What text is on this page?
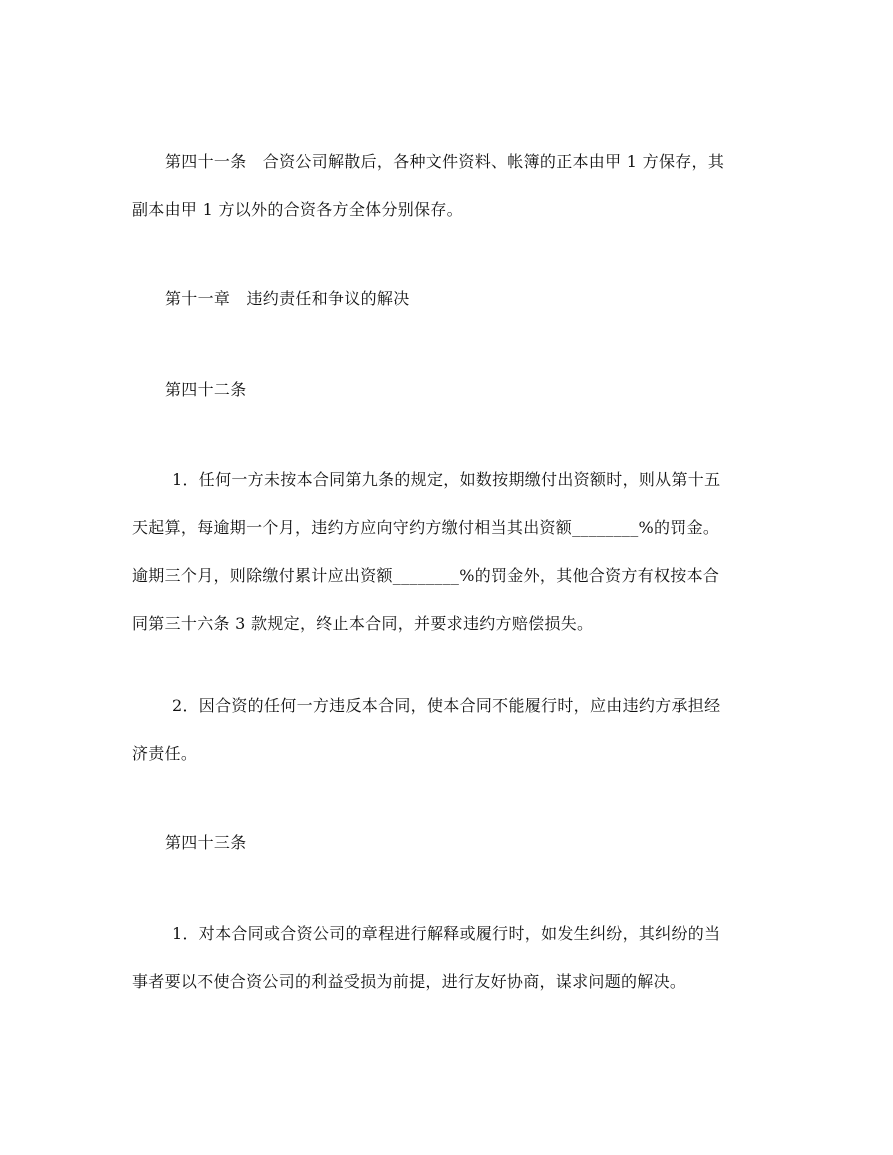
第四十一条　合资公司解散后，各种文件资料、帐簿的正本由甲 1 方保存，其
副本由甲 1 方以外的合资各方全体分别保存。
第十一章　违约责任和争议的解决
第四十二条
1．任何一方未按本合同第九条的规定，如数按期缴付出资额时，则从第十五
天起算，每逾期一个月，违约方应向守约方缴付相当其出资额________%的罚金。
逾期三个月，则除缴付累计应出资额________%的罚金外，其他合资方有权按本合
同第三十六条 3 款规定，终止本合同，并要求违约方赔偿损失。
2．因合资的任何一方违反本合同，使本合同不能履行时，应由违约方承担经
济责任。
第四十三条
1．对本合同或合资公司的章程进行解释或履行时，如发生纠纷，其纠纷的当
事者要以不使合资公司的利益受损为前提，进行友好协商，谋求问题的解决。
